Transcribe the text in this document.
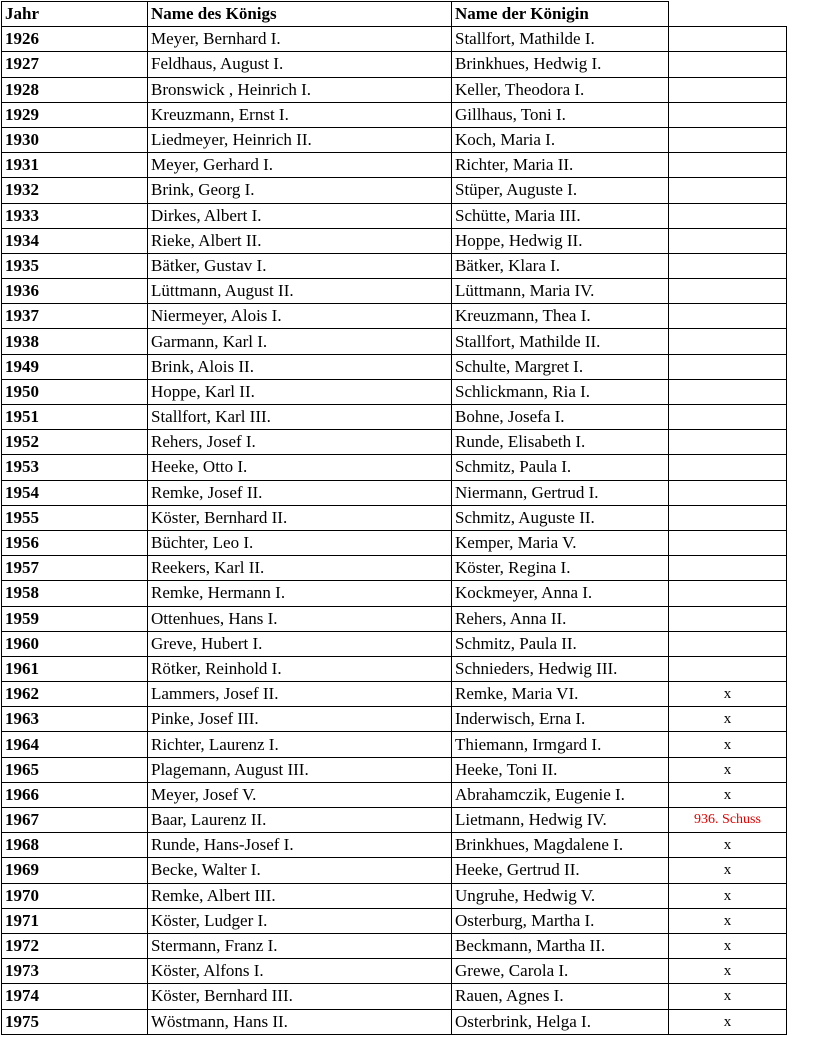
Jahr	Name des Königs	Name der Königin	
1926	Meyer, Bernhard I.	Stallfort, Mathilde I.	
1927	Feldhaus, August I.	Brinkhues, Hedwig I.	
1928	Bronswick , Heinrich I.	Keller, Theodora I.	
1929	Kreuzmann, Ernst I.	Gillhaus, Toni I.	
1930	Liedmeyer, Heinrich II.	Koch, Maria I.	
1931	Meyer, Gerhard I.	Richter, Maria II.	
1932	Brink, Georg I.	Stüper, Auguste I.	
1933	Dirkes, Albert I.	Schütte, Maria III.	
1934	Rieke, Albert II.	Hoppe, Hedwig II.	
1935	Bätker, Gustav I.	Bätker, Klara I.	
1936	Lüttmann, August II.	Lüttmann, Maria IV.	
1937	Niermeyer, Alois I.	Kreuzmann, Thea I.	
1938	Garmann, Karl I.	Stallfort, Mathilde II.	
1949	Brink, Alois II.	Schulte, Margret I.	
1950	Hoppe, Karl II.	Schlickmann, Ria I.	
1951	Stallfort, Karl III.	Bohne, Josefa I.	
1952	Rehers, Josef I.	Runde, Elisabeth I.	
1953	Heeke, Otto I.	Schmitz, Paula I.	
1954	Remke, Josef II.	Niermann, Gertrud I.	
1955	Köster, Bernhard II.	Schmitz, Auguste II.	
1956	Büchter, Leo I.	Kemper, Maria V.	
1957	Reekers, Karl II.	Köster, Regina I.	
1958	Remke, Hermann I.	Kockmeyer, Anna I.	
1959	Ottenhues, Hans I.	Rehers, Anna II.	
1960	Greve, Hubert I.	Schmitz, Paula II.	
1961	Rötker, Reinhold I.	Schnieders, Hedwig III.	
1962	Lammers, Josef II.	Remke, Maria VI.	x
1963	Pinke, Josef III.	Inderwisch, Erna I.	x
1964	Richter, Laurenz I.	Thiemann, Irmgard I.	x
1965	Plagemann, August III.	Heeke, Toni II.	x
1966	Meyer, Josef V.	Abrahamczik, Eugenie I.	x
1967	Baar, Laurenz II.	Lietmann, Hedwig IV.	936. Schuss
1968	Runde, Hans-Josef I.	Brinkhues, Magdalene I.	x
1969	Becke, Walter I.	Heeke, Gertrud II.	x
1970	Remke, Albert III.	Ungruhe, Hedwig V.	x
1971	Köster, Ludger I.	Osterburg, Martha I.	x
1972	Stermann, Franz I.	Beckmann, Martha II.	x
1973	Köster, Alfons I.	Grewe, Carola I.	x
1974	Köster, Bernhard III.	Rauen, Agnes I.	x
1975	Wöstmann, Hans II.	Osterbrink, Helga I.	x
